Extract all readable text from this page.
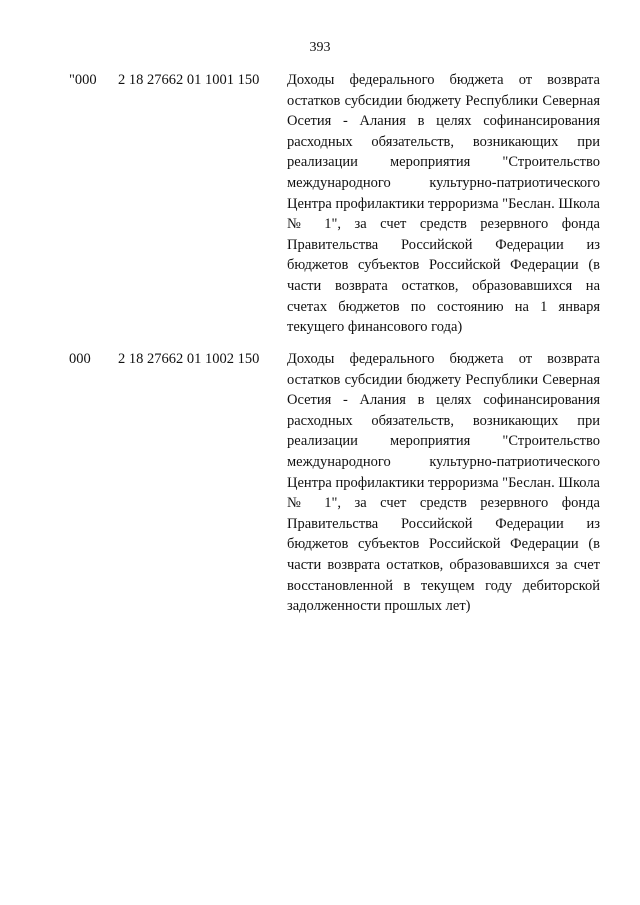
393
"000 2 18 27662 01 1001 150 Доходы федерального бюджета от возврата остатков субсидии бюджету Республики Северная Осетия - Алания в целях софинансирования расходных обязательств, возникающих при реализации мероприятия "Строительство международного культурно-патриотического Центра профилактики терроризма "Беслан. Школа № 1", за счет средств резервного фонда Правительства Российской Федерации из бюджетов субъектов Российской Федерации (в части возврата остатков, образовавшихся на счетах бюджетов по состоянию на 1 января текущего финансового года)

000 2 18 27662 01 1002 150 Доходы федерального бюджета от возврата остатков субсидии бюджету Республики Северная Осетия - Алания в целях софинансирования расходных обязательств, возникающих при реализации мероприятия "Строительство международного культурно-патриотического Центра профилактики терроризма "Беслан. Школа № 1", за счет средств резервного фонда Правительства Российской Федерации из бюджетов субъектов Российской Федерации (в части возврата остатков, образовавшихся за счет восстановленной в текущем году дебиторской задолженности прошлых лет)
